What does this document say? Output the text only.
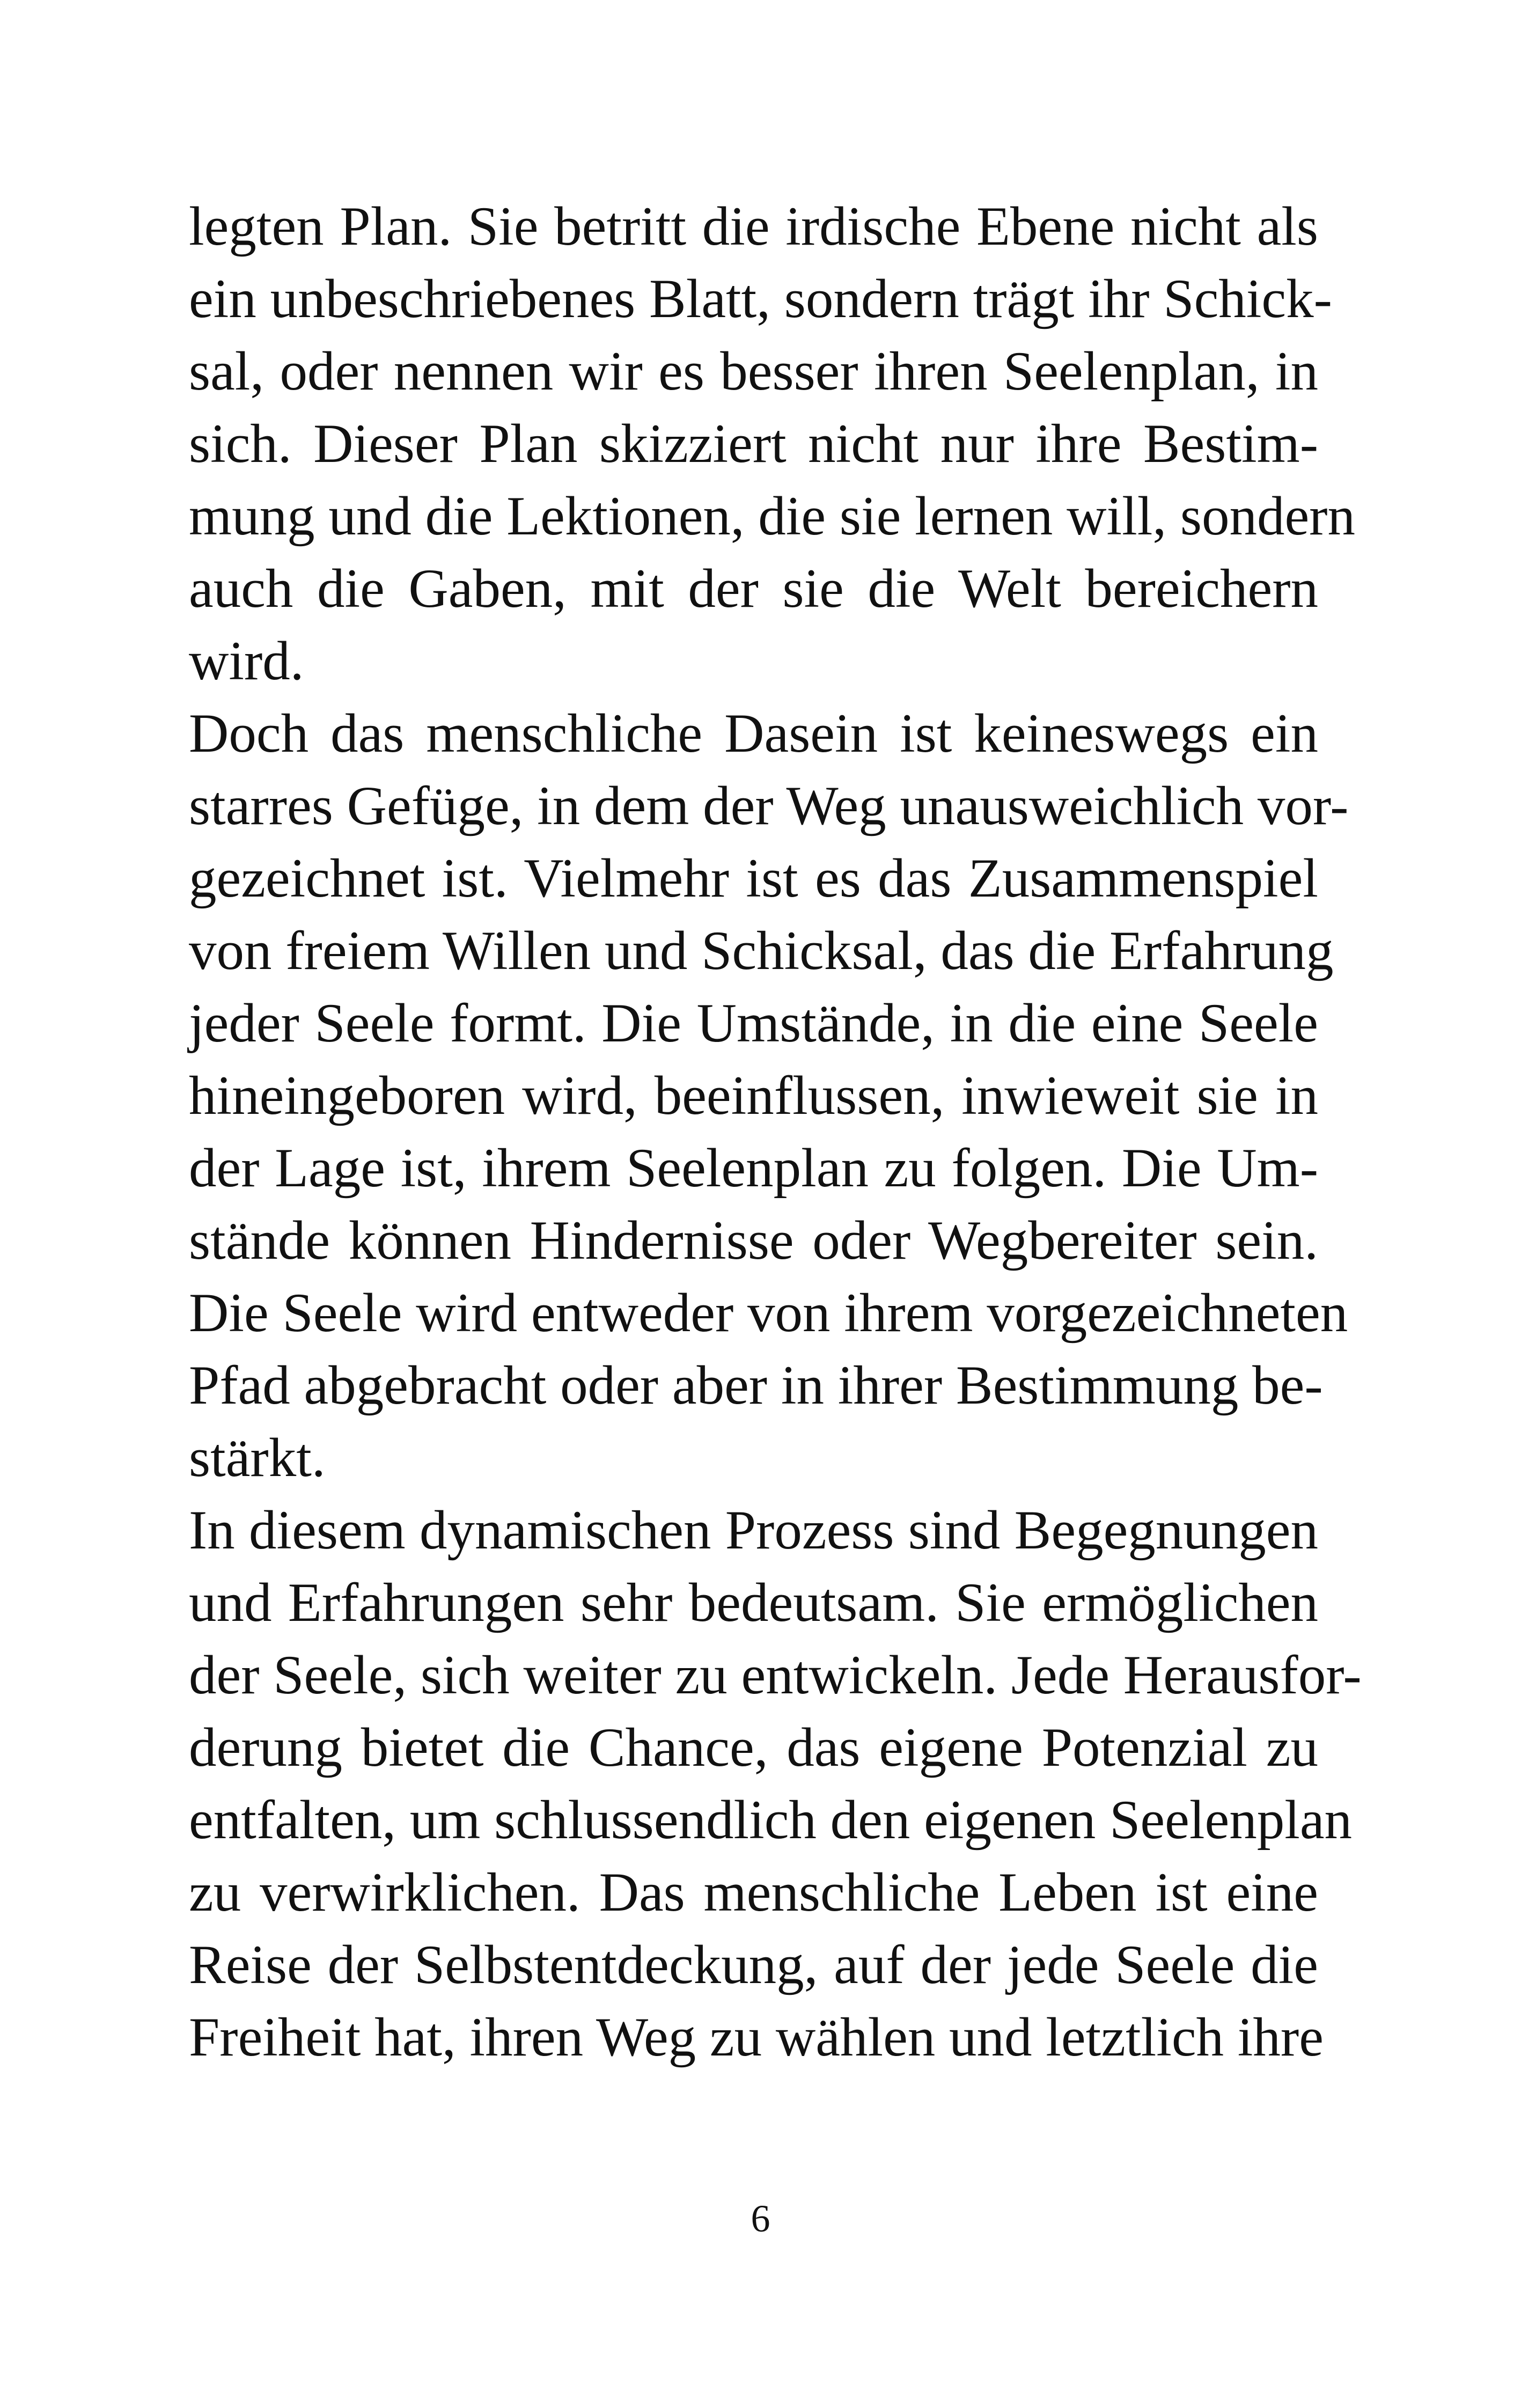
legten Plan. Sie betritt die irdische Ebene nicht als
ein unbeschriebenes Blatt, sondern trägt ihr Schick-
sal, oder nennen wir es besser ihren Seelenplan, in
sich. Dieser Plan skizziert nicht nur ihre Bestim-
mung und die Lektionen, die sie lernen will, sondern
auch die Gaben, mit der sie die Welt bereichern
wird.
Doch das menschliche Dasein ist keineswegs ein
starres Gefüge, in dem der Weg unausweichlich vor-
gezeichnet ist. Vielmehr ist es das Zusammenspiel
von freiem Willen und Schicksal, das die Erfahrung
jeder Seele formt. Die Umstände, in die eine Seele
hineingeboren wird, beeinflussen, inwieweit sie in
der Lage ist, ihrem Seelenplan zu folgen. Die Um-
stände können Hindernisse oder Wegbereiter sein.
Die Seele wird entweder von ihrem vorgezeichneten
Pfad abgebracht oder aber in ihrer Bestimmung be-
stärkt.
In diesem dynamischen Prozess sind Begegnungen
und Erfahrungen sehr bedeutsam. Sie ermöglichen
der Seele, sich weiter zu entwickeln. Jede Herausfor-
derung bietet die Chance, das eigene Potenzial zu
entfalten, um schlussendlich den eigenen Seelenplan
zu verwirklichen. Das menschliche Leben ist eine
Reise der Selbstentdeckung, auf der jede Seele die
Freiheit hat, ihren Weg zu wählen und letztlich ihre
6
